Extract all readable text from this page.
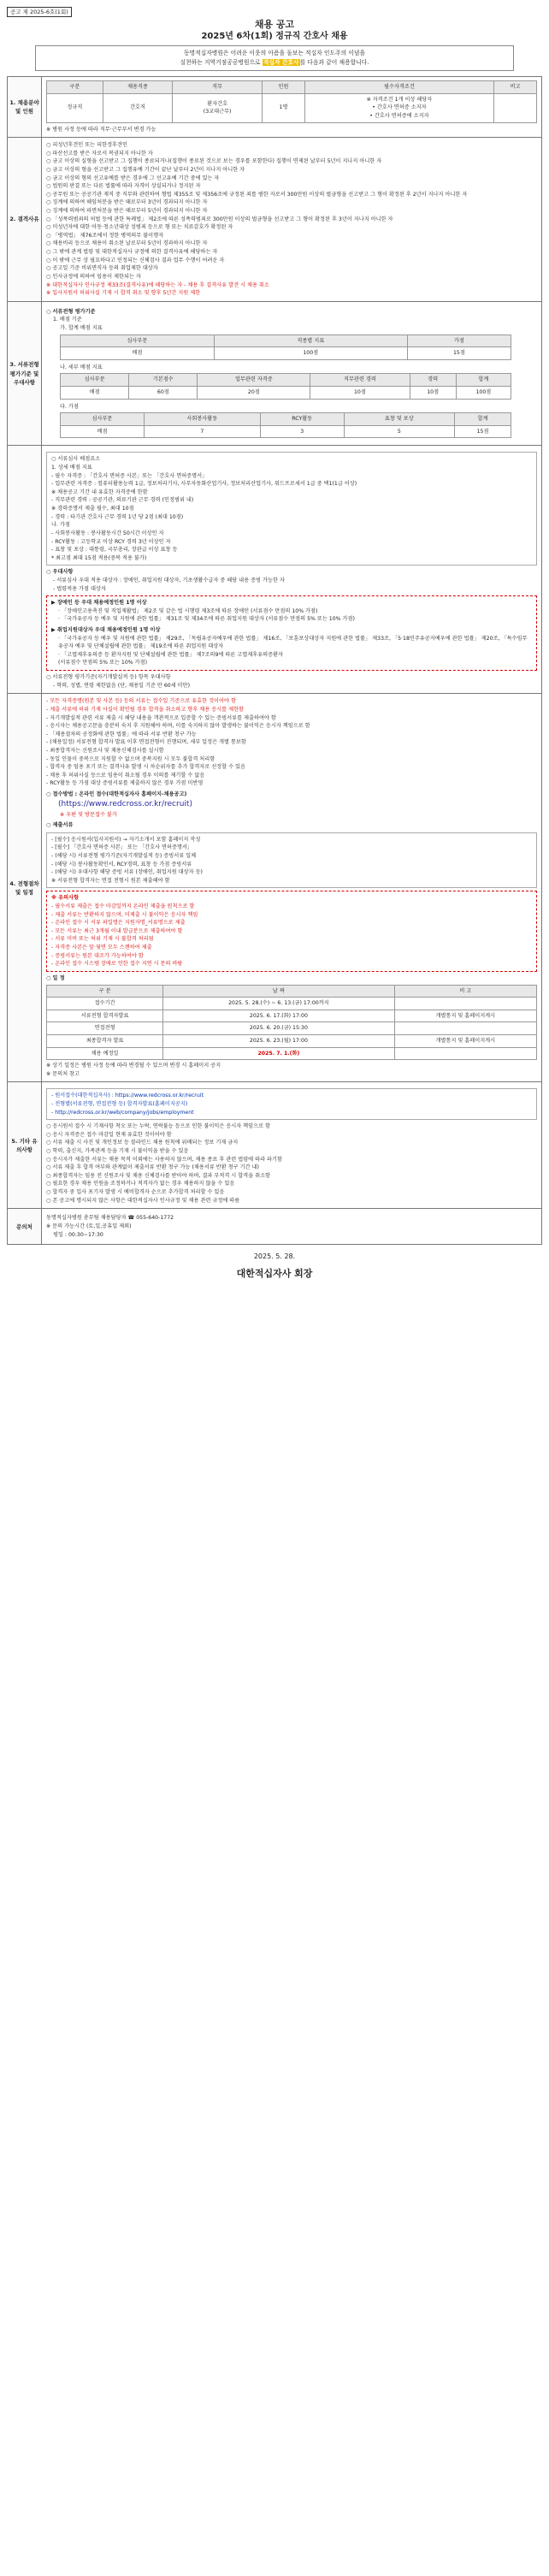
공고 제 2025-6호(1회)
채용 공고
2025년 6차(1회) 정규직 간호사 채용
동명적십자병원은 어려운 이웃의 아픔을 돌보는 적십자 인도주의 이념을
실천하는 지역거점공공병원으로 적십자 간호사를 다음과 같이 채용합니다.
1. 채용분야 및 인원
구분	채용직종	직무	인원	필수자격조건	비고
정규직	간호직	환자간호
(3교대근무)	1명	※ 자격조건 1개 이상 해당자
• 간호사 면허증 소지자
• 간호사 면허증에 소지자	
※ 병원 사정 등에 따라 직무·근무부서 변경 가능
2. 결격사유
○ 피성년후견인 또는 피한정후견인
○ 파산선고를 받은 자로서 복권되지 아니한 자
○ 금고 이상의 실형을 선고받고 그 집행이 종료되거나(집행이 종료된 것으로 보는 경우를 포함한다) 집행이 면제된 날부터 5년이 지나지 아니한 자
○ 금고 이상의 형을 선고받고 그 집행유예 기간이 끝난 날부터 2년이 지나지 아니한 자
○ 금고 이상의 형의 선고유예를 받은 경우에 그 선고유예 기간 중에 있는 자
○ 법원의 판결 또는 다른 법률에 따라 자격이 상실되거나 정지된 자
○ 공무원 또는 공공기관 재직 중 직무와 관련하여 형법 제355조 및 제356조에 규정된 죄를 범한 자로서 300만원 이상의 벌금형을 선고받고 그 형이 확정된 후 2년이 지나지 아니한 자
○ 징계에 의하여 해임처분을 받은 때로부터 3년이 경과되지 아니한 자
○ 징계에 의하여 파면처분을 받은 때로부터 5년이 경과되지 아니한 자
○ 「성폭력범죄의 처벌 등에 관한 특례법」 제2조에 따른 성폭력범죄로 300만원 이상의 벌금형을 선고받고 그 형이 확정된 후 3년이 지나지 아니한 자
○ 미성년자에 대한 아동·청소년대상 성범죄 등으로 형 또는 치료감호가 확정된 자
○ 「병역법」 제76조에서 정한 병역의무 불이행자
○ 채용비리 등으로 채용이 취소된 날로부터 5년이 경과하지 아니한 자
○ 그 밖에 관계 법령 및 대한적십자사 규정에 의한 결격사유에 해당하는 자
○ 이 밖에 근무 상 필요하다고 인정되는 신체검사 결과 업무 수행이 어려운 자
○ 공고일 기준 비위면직자 등의 취업제한 대상자
○ 인사규정에 의하여 임용이 제한되는 자
※ 대한적십자사 인사규정 제33조(결격사유)에 해당하는 자 - 채용 후 결격사유 발견 시 채용 취소
※ 입사지원서 허위사실 기재 시 합격 취소 및 향후 5년간 지원 제한
3. 서류전형 평가기준 및 우대사항
○ 서류전형 평가기준
1. 배점 기준
가. 합계 배점 지표
심사부문	직종별 지표	가점
배점	100점	15점
나. 세부 배점 지표
심사부문	기본점수	업무관련 자격증	직무관련 경력	경력	합계
배점	60점	20점	10점	10점	100점
다. 가점
심사부문	사회봉사활동	RCY활동	표창 및 포상	합계
배점	7	3	5	15점
○ 서류심사 배점요소
1. 상세 배점 지표
- 필수 자격증 : 「간호사 면허증 사본」또는 「간호사 면허증명서」
- 업무관련 자격증 : 컴퓨터활용능력 1급, 정보처리기사, 사무자동화산업기사, 정보처리산업기사, 워드프로세서 1급 중 택1(1급 이상)
※ 채용공고 기간 내 유효한 자격증에 한함
- 직무관련 경력 : 공공기관, 의료기관 근무 경력 (인정범위 내)
※ 경력증명서 제출 필수, 최대 10점
- 경력 : 타기관 간호사 근무 경력 1년 당 2점 (최대 10점)
나. 가점
- 사회봉사활동 : 봉사활동시간 50시간 이상인 자
- RCY활동 : 고등학교 이상 RCY 경력 3년 이상인 자
- 표창 및 포상 : 대통령, 국무총리, 장관급 이상 표창 등
* 최고점 최대 15점 적용(중복 적용 불가)
○ 우대사항
- 서류심사 우대 적용 대상자 : 장애인, 취업지원 대상자, 기초생활수급자 중 해당 내용 증빙 가능한 자
- 법령적용 가점 대상자
▶ 장애인 등 우대 채용예정인원 1명 이상
· 「장애인고용촉진 및 직업재활법」 제2조 및 같은 법 시행령 제3조에 따른 장애인 (서류점수 만점의 10% 가점)
· 「국가유공자 등 예우 및 지원에 관한 법률」 제31조 및 제34조에 따른 취업지원 대상자 (서류점수 만점의 5% 또는 10% 가점)
▶ 취업지원대상자 우대 채용예정인원 1명 이상
· 「국가유공자 등 예우 및 지원에 관한 법률」 제29조, 「독립유공자예우에 관한 법률」 제16조, 「보훈보상대상자 지원에 관한 법률」 제33조, 「5·18민주유공자예우에 관한 법률」 제20조, 「특수임무유공자 예우 및 단체설립에 관한 법률」 제19조에 따른 취업지원 대상자
· 「고엽제후유의증 등 환자지원 및 단체설립에 관한 법률」 제7조의9에 따른 고엽제후유의증환자
(서류점수 만점의 5% 또는 10% 가점)
○ 서류전형 평가기준(자기개발실적 등) 항목 우대사항
- 학력, 성별, 연령 제한없음 (단, 채용일 기준 만 60세 미만)
4. 전형절차 및 일정
- 모든 자격증명(원본 및 사본 등) 등의 서류는 접수일 기준으로 유효한 것이어야 함
- 제출 서류에 허위 기재 사실이 확인될 경우 합격을 취소하고 향후 채용 응시를 제한함
- 자기개발실적 관련 서류 제출 시 해당 내용을 객관적으로 입증할 수 있는 증빙서류를 제출하여야 함
- 응시자는 채용공고문을 충분히 숙지 후 지원해야 하며, 이를 숙지하지 않아 발생하는 불이익은 응시자 책임으로 함
- 「채용절차의 공정화에 관한 법률」에 따라 서류 반환 청구 가능
- (채용일정) 서류전형 합격자 발표 이후 면접전형이 진행되며, 세부 일정은 개별 통보함
- 최종합격자는 신원조사 및 채용신체검사를 실시함
- 동일 인물이 중복으로 지원할 수 없으며 중복지원 시 모두 불합격 처리함
- 합격자 중 임용 포기 또는 결격사유 발생 시 차순위자를 추가 합격자로 선정할 수 있음
- 채용 후 허위사실 등으로 임용이 취소될 경우 이의를 제기할 수 없음
- RCY활동 등 가점 대상 증빙서류를 제출하지 않은 경우 가점 미반영
○ 접수방법 : 온라인 접수(대한적십자사 홈페이지-채용공고)
(https://www.redcross.or.kr/recruit)
※ 우편 및 방문접수 불가
○ 제출서류
- [필수] 응시원서(입사지원서) → 자기소개서 포함 홈페이지 작성
- [필수] 「간호사 면허증 사본」 또는 「간호사 면허증명서」
- (해당 시) 서류전형 평가기준(자기개발실적 등) 증빙서류 일체
- (해당 시) 봉사활동확인서, RCY경력, 표창 등 가점 증빙서류
- (해당 시) 우대사항 해당 증빙 서류 (장애인, 취업지원 대상자 등)
※ 서류전형 합격자는 면접 전형시 원본 제출해야 함
※ 유의사항
- 필수서류 제출은 접수 마감일까지 온라인 제출을 원칙으로 함
- 제출 서류는 반환하지 않으며, 미제출 시 불이익은 응시자 책임
- 온라인 접수 시 서류 파일명은 지원자명_서류명으로 제출
- 모든 서류는 최근 3개월 이내 발급분으로 제출하여야 함
- 서류 미비 또는 허위 기재 시 불합격 처리됨
- 자격증 사본은 앞·뒷면 모두 스캔하여 제출
- 증빙서류는 원본 대조가 가능하여야 함
- 온라인 접수 시스템 장애로 인한 접수 지연 시 문의 바람
○ 일 정
구 분	날 짜	비 고
접수기간	2025. 5. 28.(수) ~ 6. 13.(금) 17:00까지	
서류전형 합격자발표	2025. 6. 17.(화) 17:00	개별통지 및 홈페이지게시
면접전형	2025. 6. 20.(금) 15:30	
최종합격자 발표	2025. 6. 23.(월) 17:00	개별통지 및 홈페이지게시
채용 예정일	2025. 7. 1.(화)	
※ 상기 일정은 병원 사정 등에 따라 변경될 수 있으며 변경 시 홈페이지 공지
※ 문의처 참고
5. 기타 유의사항
- 원서접수(대한적십자사) : https://www.redcross.or.kr/recruit
- 전형별(서류전형, 면접전형 등) 합격자발표(홈페이지공지)
- http://redcross.or.kr/web/company/jobs/employment
○ 응시원서 접수 시 기재사항 착오 또는 누락, 연락불능 등으로 인한 불이익은 응시자 책임으로 함
○ 응시 자격증은 접수 마감일 현재 유효한 것이어야 함
○ 서류 제출 시 사진 및 개인정보 등 블라인드 채용 원칙에 위배되는 정보 기재 금지
○ 학력, 출신지, 가족관계 등을 기재 시 불이익을 받을 수 있음
○ 응시자가 제출한 서류는 채용 목적 이외에는 사용하지 않으며, 채용 종료 후 관련 법령에 따라 파기함
○ 서류 제출 후 합격 여부와 관계없이 제출서류 반환 청구 가능 (채용서류 반환 청구 기간 내)
○ 최종합격자는 임용 전 신원조사 및 채용 신체검사를 받아야 하며, 결과 부적격 시 합격을 취소함
○ 필요한 경우 채용 인원을 조정하거나 적격자가 없는 경우 채용하지 않을 수 있음
○ 합격자 중 입사 포기자 발생 시 예비합격자 순으로 추가합격 처리할 수 있음
○ 본 공고에 명시되지 않은 사항은 대한적십자사 인사규정 및 채용 관련 규정에 따름
문의처
동명적십자병원 총무팀 채용담당자 ☎ 055-640-1772
※ 문의 가능시간 (토,일,공휴일 제외)
평일 : 00:30~17:30
2025. 5. 28.
대한적십자사 회장
